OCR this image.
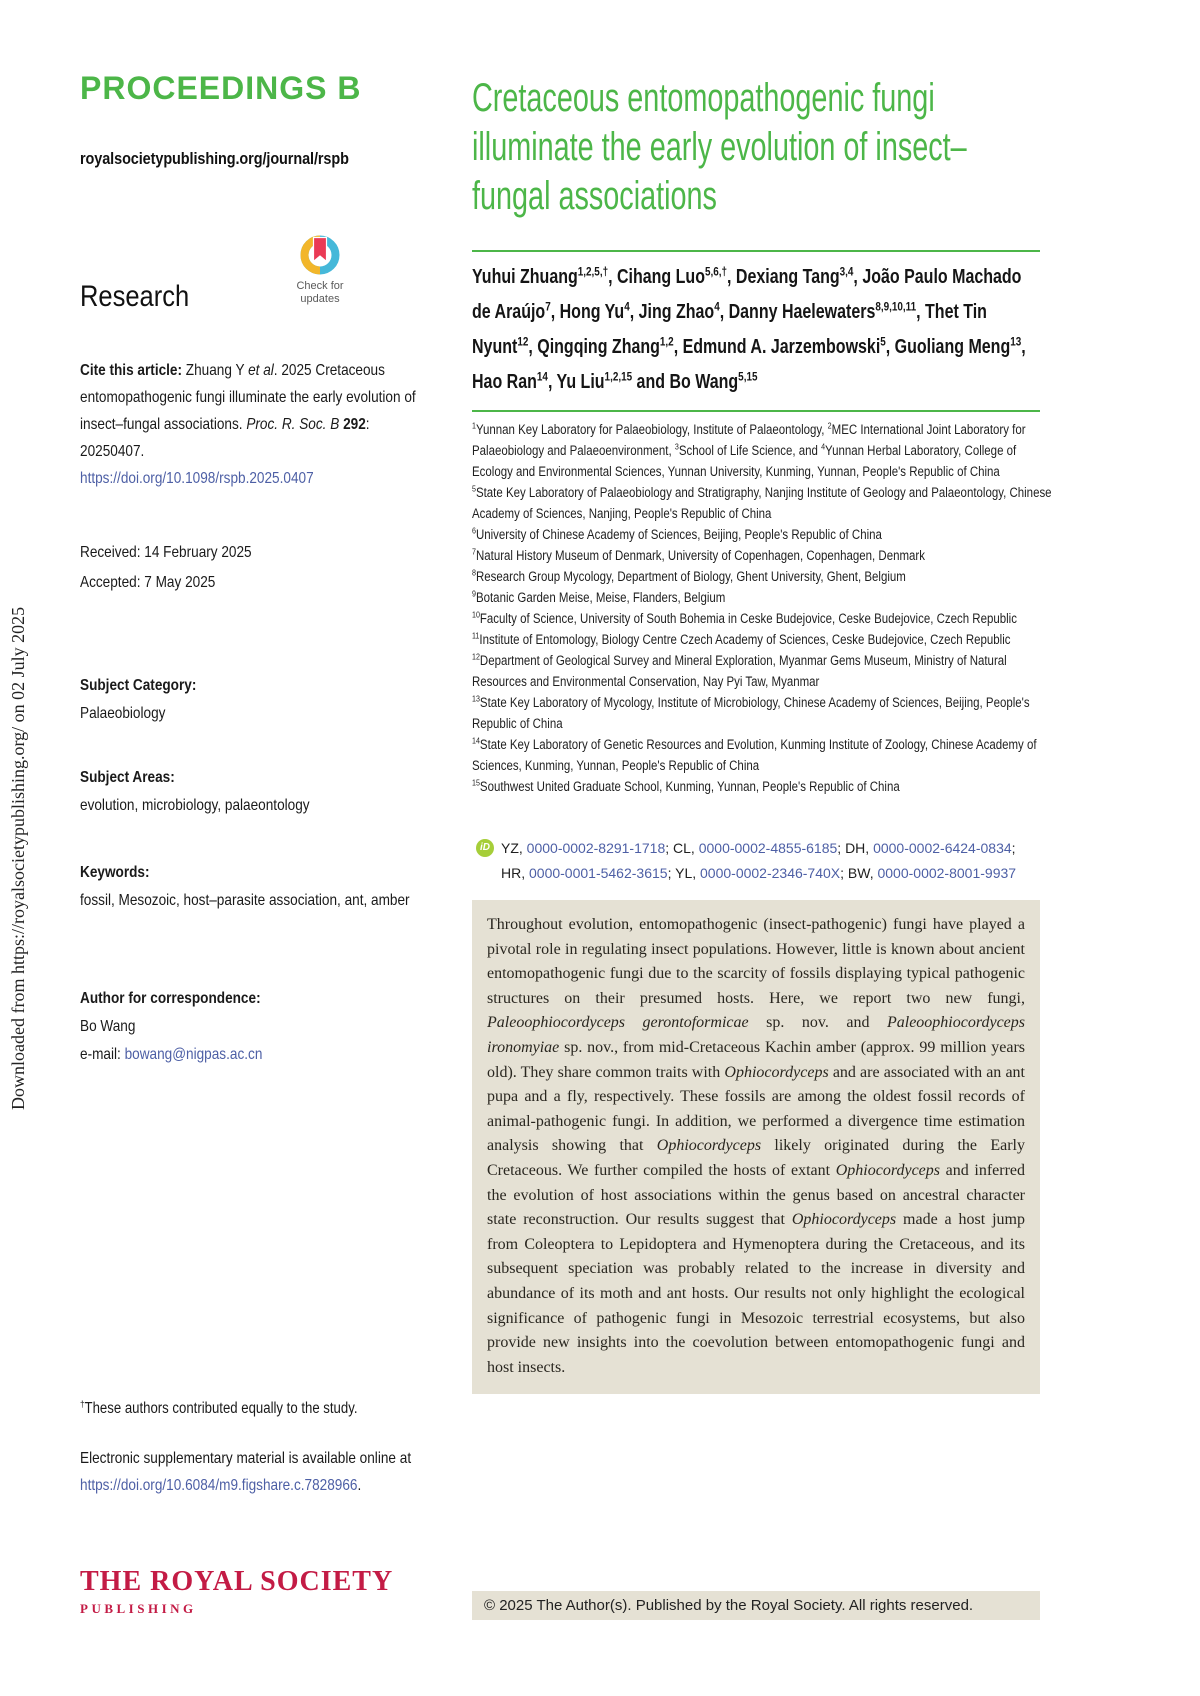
Downloaded from https://royalsocietypublishing.org/ on 02 July 2025
PROCEEDINGS B
royalsocietypublishing.org/journal/rspb
Research	Check for
updates
Cite this article: Zhuang Y et al. 2025 Cretaceous entomopathogenic fungi illuminate the early evolution of insect–fungal associations. Proc. R. Soc. B 292: 20250407.
https://doi.org/10.1098/rspb.2025.0407
Received: 14 February 2025
Accepted: 7 May 2025
Subject Category:
Palaeobiology
Subject Areas:
evolution, microbiology, palaeontology
Keywords:
fossil, Mesozoic, host–parasite association, ant, amber
Author for correspondence:
Bo Wang
e-mail: bowang@nigpas.ac.cn
†These authors contributed equally to the study.
Electronic supplementary material is available online at https://doi.org/10.6084/m9.figshare.c.7828966.
THE ROYAL SOCIETY
PUBLISHING
Cretaceous entomopathogenic fungi
illuminate the early evolution of insect–
fungal associations
Yuhui Zhuang$^{1,2,5,\dagger}$, Cihang Luo$^{5,6,\dagger}$, Dexiang Tang$^{3,4}$, João Paulo Machado de Araújo$^7$, Hong Yu$^4$, Jing Zhao$^4$, Danny Haelewaters$^{8,9,10,11}$, Thet Tin Nyunt$^{12}$, Qingqing Zhang$^{1,2}$, Edmund A. Jarzembowski$^5$, Guoliang Meng$^{13}$, Hao Ran$^{14}$, Yu Liu$^{1,2,15}$ and Bo Wang$^{5,15}$
$^1$Yunnan Key Laboratory for Palaeobiology, Institute of Palaeontology, $^2$MEC International Joint Laboratory for Palaeobiology and Palaeoenvironment, $^3$School of Life Science, and $^4$Yunnan Herbal Laboratory, College of Ecology and Environmental Sciences, Yunnan University, Kunming, Yunnan, People's Republic of China
$^5$State Key Laboratory of Palaeobiology and Stratigraphy, Nanjing Institute of Geology and Palaeontology, Chinese Academy of Sciences, Nanjing, People's Republic of China
$^6$University of Chinese Academy of Sciences, Beijing, People's Republic of China
$^7$Natural History Museum of Denmark, University of Copenhagen, Copenhagen, Denmark
$^8$Research Group Mycology, Department of Biology, Ghent University, Ghent, Belgium
$^9$Botanic Garden Meise, Meise, Flanders, Belgium
$^{10}$Faculty of Science, University of South Bohemia in Ceske Budejovice, Ceske Budejovice, Czech Republic
$^{11}$Institute of Entomology, Biology Centre Czech Academy of Sciences, Ceske Budejovice, Czech Republic
$^{12}$Department of Geological Survey and Mineral Exploration, Myanmar Gems Museum, Ministry of Natural Resources and Environmental Conservation, Nay Pyi Taw, Myanmar
$^{13}$State Key Laboratory of Mycology, Institute of Microbiology, Chinese Academy of Sciences, Beijing, People's Republic of China
$^{14}$State Key Laboratory of Genetic Resources and Evolution, Kunming Institute of Zoology, Chinese Academy of Sciences, Kunming, Yunnan, People's Republic of China
$^{15}$Southwest United Graduate School, Kunming, Yunnan, People's Republic of China
iD YZ, 0000-0002-8291-1718; CL, 0000-0002-4855-6185; DH, 0000-0002-6424-0834;
HR, 0000-0001-5462-3615; YL, 0000-0002-2346-740X; BW, 0000-0002-8001-9937
Throughout evolution, entomopathogenic (insect-pathogenic) fungi have played a pivotal role in regulating insect populations. However, little is known about ancient entomopathogenic fungi due to the scarcity of fossils displaying typical pathogenic structures on their presumed hosts. Here, we report two new fungi, Paleoophiocordyceps gerontoformicae sp. nov. and Paleoophiocordyceps ironomyiae sp. nov., from mid-Cretaceous Kachin amber (approx. 99 million years old). They share common traits with Ophiocordyceps and are associated with an ant pupa and a fly, respectively. These fossils are among the oldest fossil records of animal-pathogenic fungi. In addition, we performed a divergence time estimation analysis showing that Ophiocordyceps likely originated during the Early Cretaceous. We further compiled the hosts of extant Ophiocordyceps and inferred the evolution of host associations within the genus based on ancestral character state reconstruction. Our results suggest that Ophiocordyceps made a host jump from Coleoptera to Lepidoptera and Hymenoptera during the Cretaceous, and its subsequent speciation was probably related to the increase in diversity and abundance of its moth and ant hosts. Our results not only highlight the ecological significance of pathogenic fungi in Mesozoic terrestrial ecosystems, but also provide new insights into the coevolution between entomopathogenic fungi and host insects.
© 2025 The Author(s). Published by the Royal Society. All rights reserved.
